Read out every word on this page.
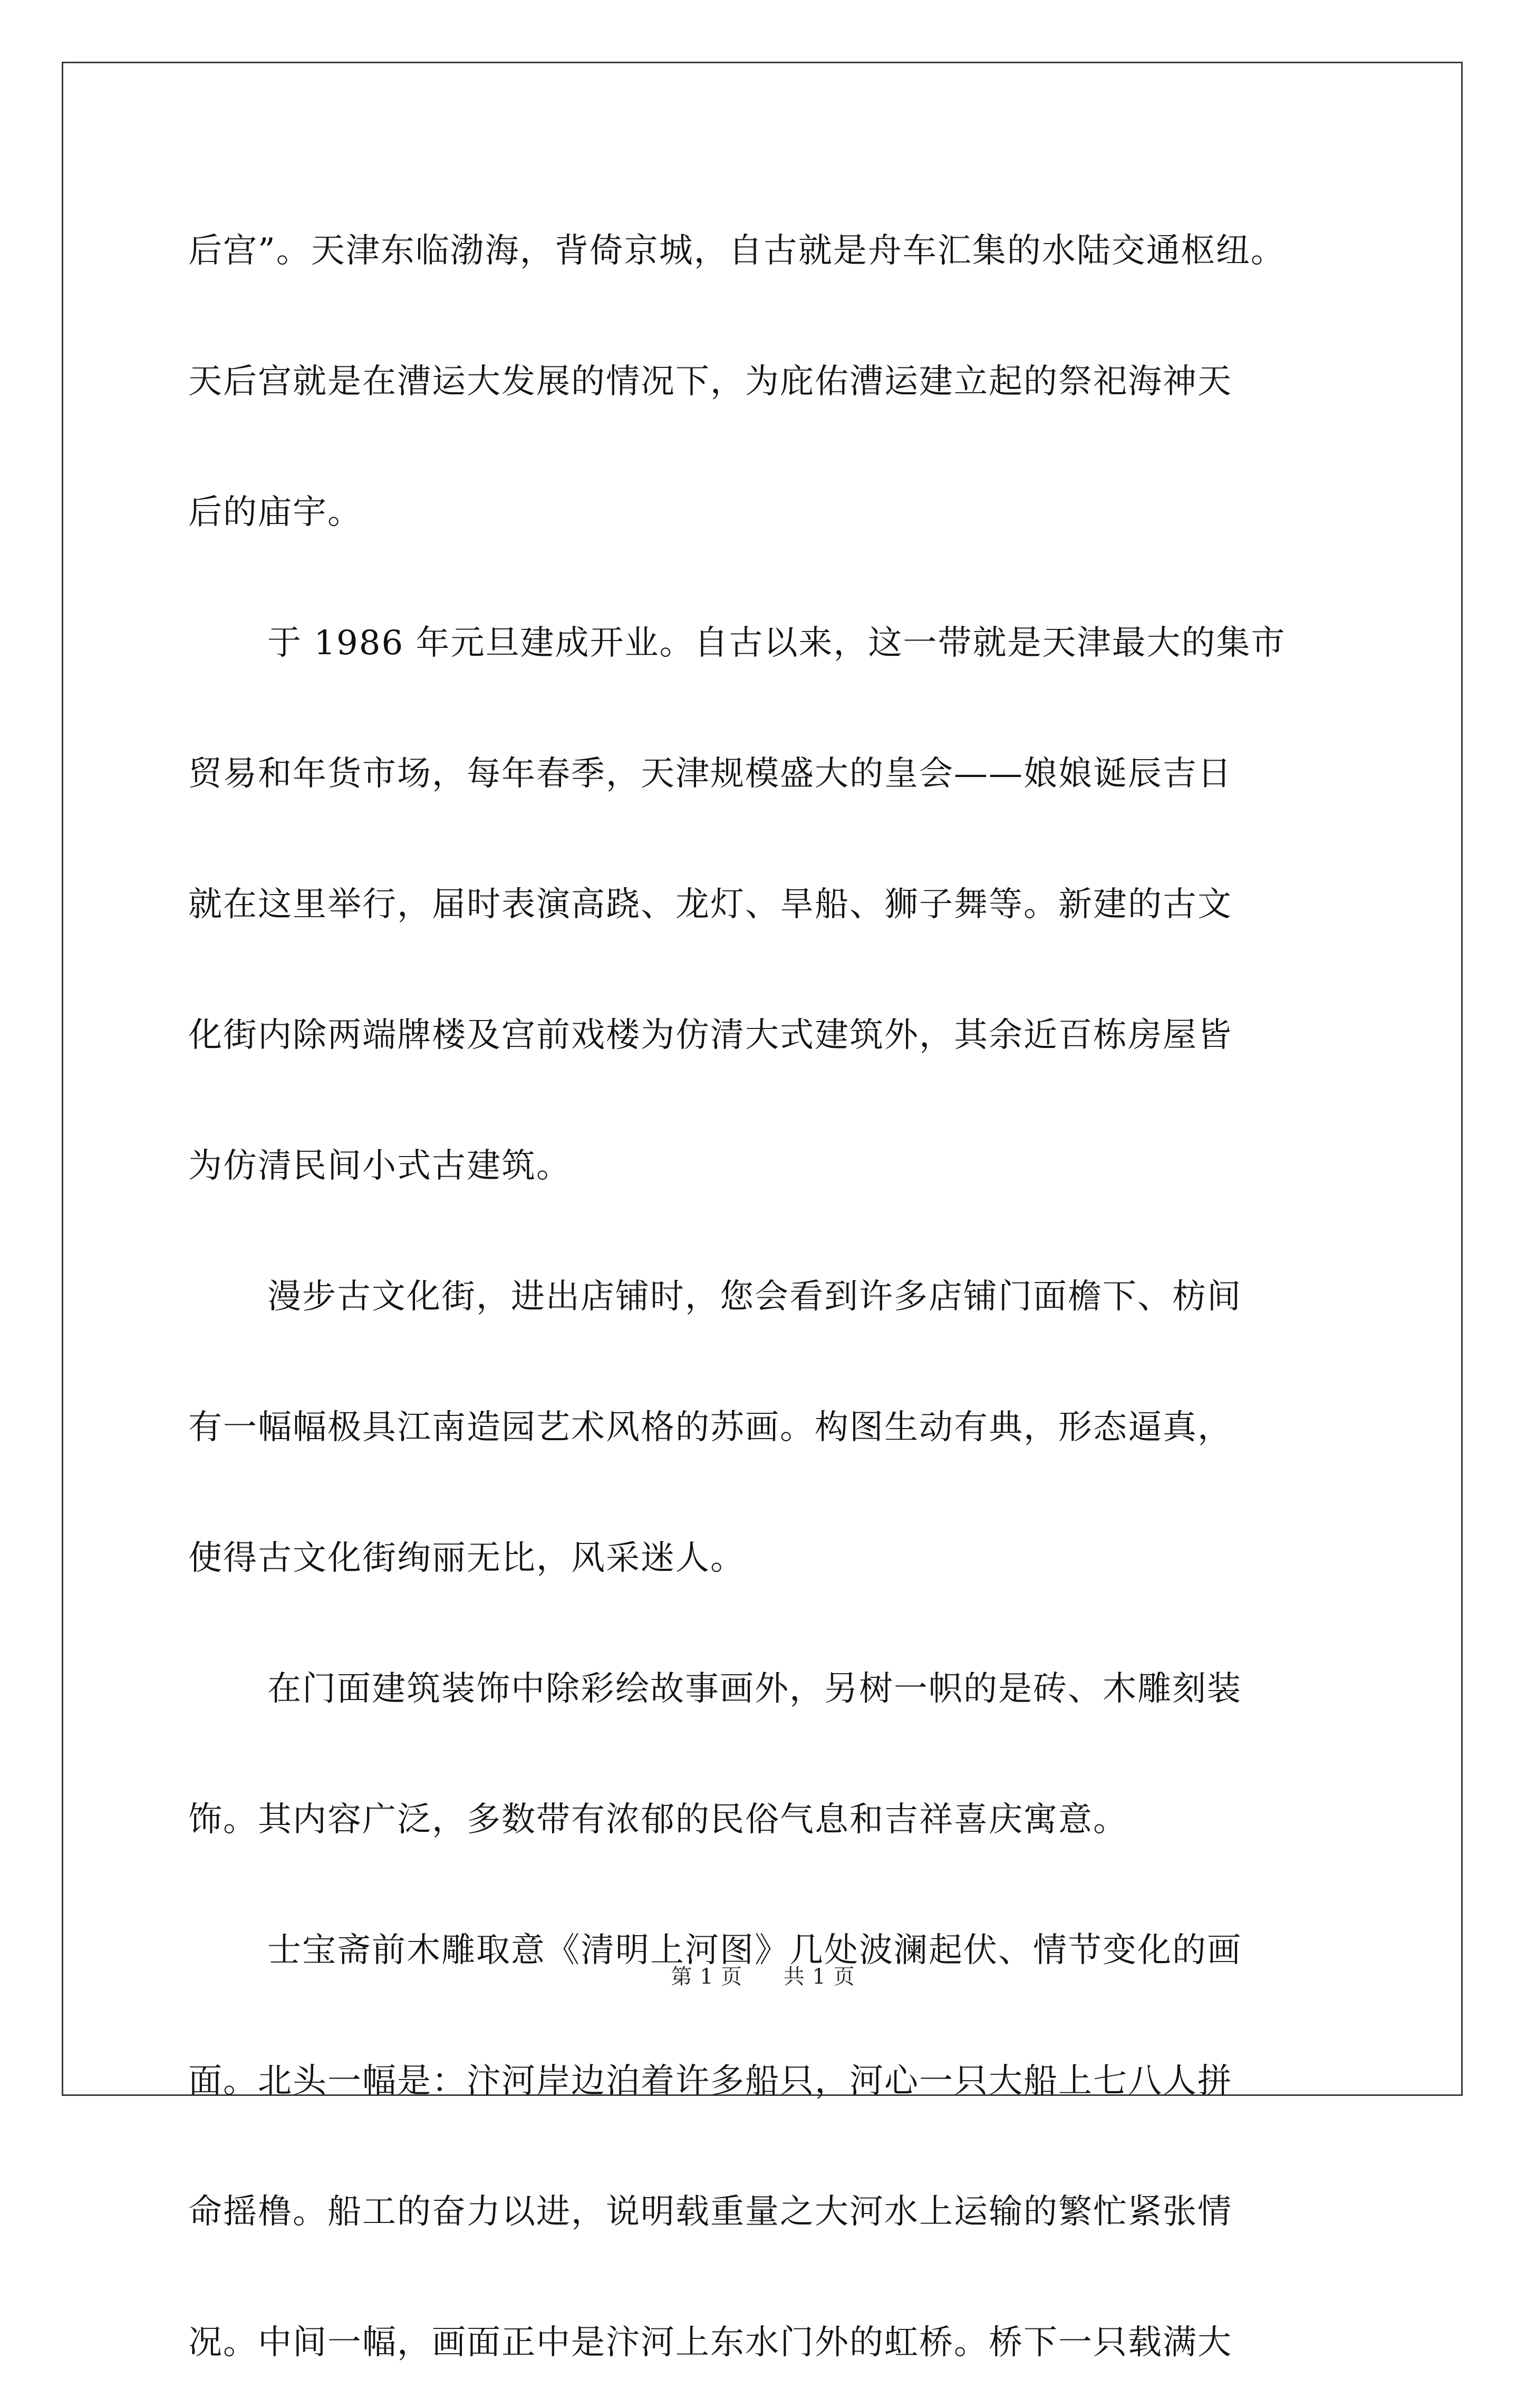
后宫”。天津东临渤海，背倚京城，自古就是舟车汇集的水陆交通枢纽。
天后宫就是在漕运大发展的情况下，为庇佑漕运建立起的祭祀海神天
后的庙宇。
于 1986 年元旦建成开业。自古以来，这一带就是天津最大的集市
贸易和年货市场，每年春季，天津规模盛大的皇会——娘娘诞辰吉日
就在这里举行，届时表演高跷、龙灯、旱船、狮子舞等。新建的古文
化街内除两端牌楼及宫前戏楼为仿清大式建筑外，其余近百栋房屋皆
为仿清民间小式古建筑。
漫步古文化街，进出店铺时，您会看到许多店铺门面檐下、枋间
有一幅幅极具江南造园艺术风格的苏画。构图生动有典，形态逼真，
使得古文化街绚丽无比，风采迷人。
在门面建筑装饰中除彩绘故事画外，另树一帜的是砖、木雕刻装
饰。其内容广泛，多数带有浓郁的民俗气息和吉祥喜庆寓意。
士宝斋前木雕取意《清明上河图》几处波澜起伏、情节变化的画
面。北头一幅是：汴河岸边泊着许多船只，河心一只大船上七八人拼
命摇橹。船工的奋力以进，说明载重量之大河水上运输的繁忙紧张情
况。中间一幅，画面正中是汴河上东水门外的虹桥。桥下一只载满大
第 1 页 共 1 页
